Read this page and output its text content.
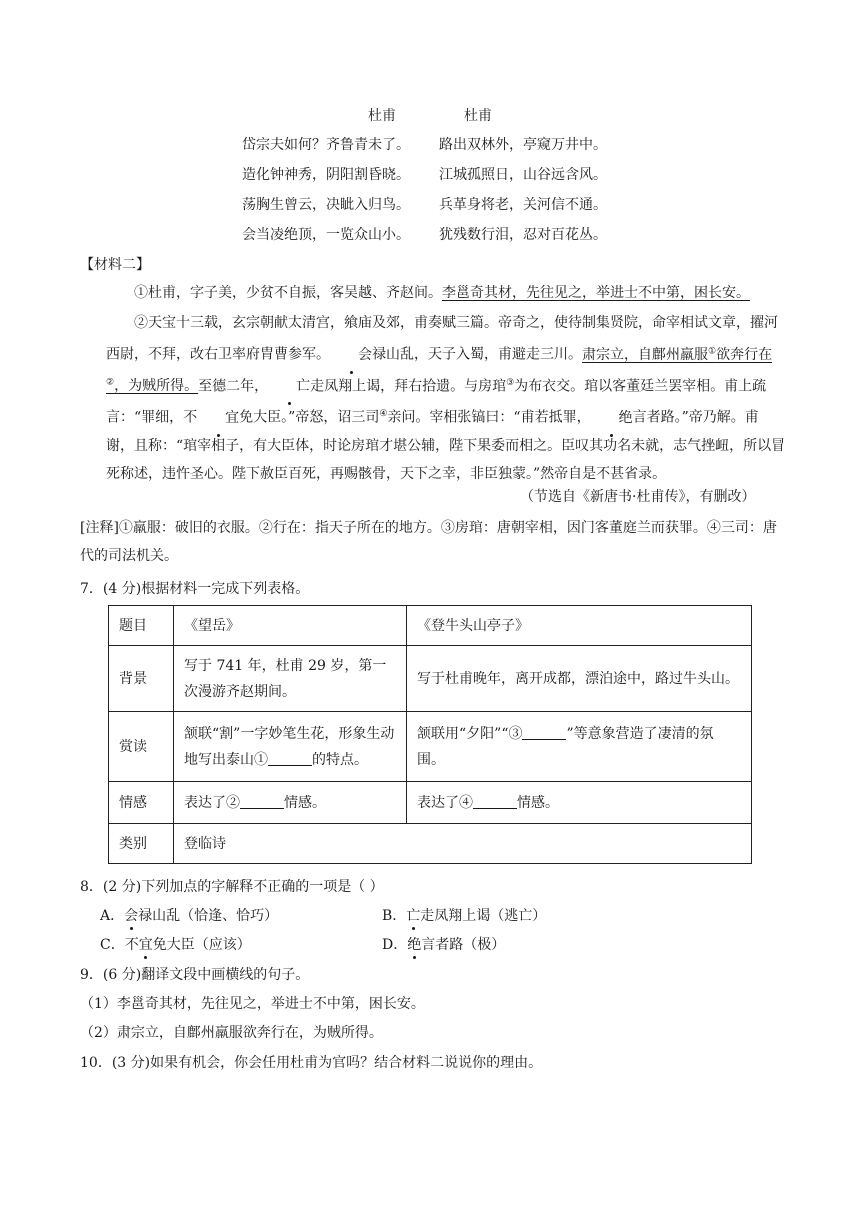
杜甫	杜甫
岱宗夫如何？齐鲁青未了。
造化钟神秀，阴阳割昏晓。
荡胸生曾云，决眦入归鸟。
会当凌绝顶，一览众山小。
路出双林外，亭窥万井中。
江城孤照日，山谷远含风。
兵革身将老，关河信不通。
犹残数行泪，忍对百花丛。
【材料二】
①杜甫，字子美，少贫不自振，客吴越、齐赵间。李邕奇其材，先往见之，举进士不中第，困长安。
②天宝十三载，玄宗朝献太清宫，飨庙及郊，甫奏赋三篇。帝奇之，使待制集贤院，命宰相试文章，擢河西尉，不拜，改右卫率府胄曹参军。 会禄山乱，天子入蜀，甫避走三川。肃宗立，自鄜州羸服①欲奔行在②，为贼所得。至德二年， 亡走凤翔上谒，拜右拾遗。与房琯③为布衣交。琯以客董廷兰罢宰相。甫上疏言：“罪细，不 宜免大臣。”帝怒，诏三司④亲问。宰相张镐曰：“甫若抵罪， 绝言者路。”帝乃解。甫谢，且称：“琯宰相子，有大臣体，时论房琯才堪公辅，陛下果委而相之。臣叹其功名未就，志气挫衄，所以冒死称述，违忤圣心。陛下赦臣百死，再赐骸骨，天下之幸，非臣独蒙。”然帝自是不甚省录。
（节选自《新唐书·杜甫传》，有删改）
[注释]①羸服：破旧的衣服。②行在：指天子所在的地方。③房琯：唐朝宰相，因门客董庭兰而获罪。④三司：唐代的司法机关。
7．(4 分)根据材料一完成下列表格。
题目	《望岳》	《登牛头山亭子》
背景	写于 741 年，杜甫 29 岁，第一次漫游齐赵期间。	写于杜甫晚年，离开成都，漂泊途中，路过牛头山。
赏读	颔联“割”一字妙笔生花，形象生动地写出泰山① 的特点。	颔联用“夕阳”“③ ”等意象营造了凄清的氛围。
情感	表达了② 情感。	表达了④ 情感。
类别	登临诗	
8．(2 分)下列加点的字解释不正确的一项是（ ）
A．会禄山乱（恰逢、恰巧）	B．亡走凤翔上谒（逃亡）
C．不宜免大臣（应该）	D．绝言者路（极）
9．(6 分)翻译文段中画横线的句子。
（1）李邕奇其材，先往见之，举进士不中第，困长安。
（2）肃宗立，自鄜州羸服欲奔行在，为贼所得。
10．(3 分)如果有机会，你会任用杜甫为官吗？结合材料二说说你的理由。
